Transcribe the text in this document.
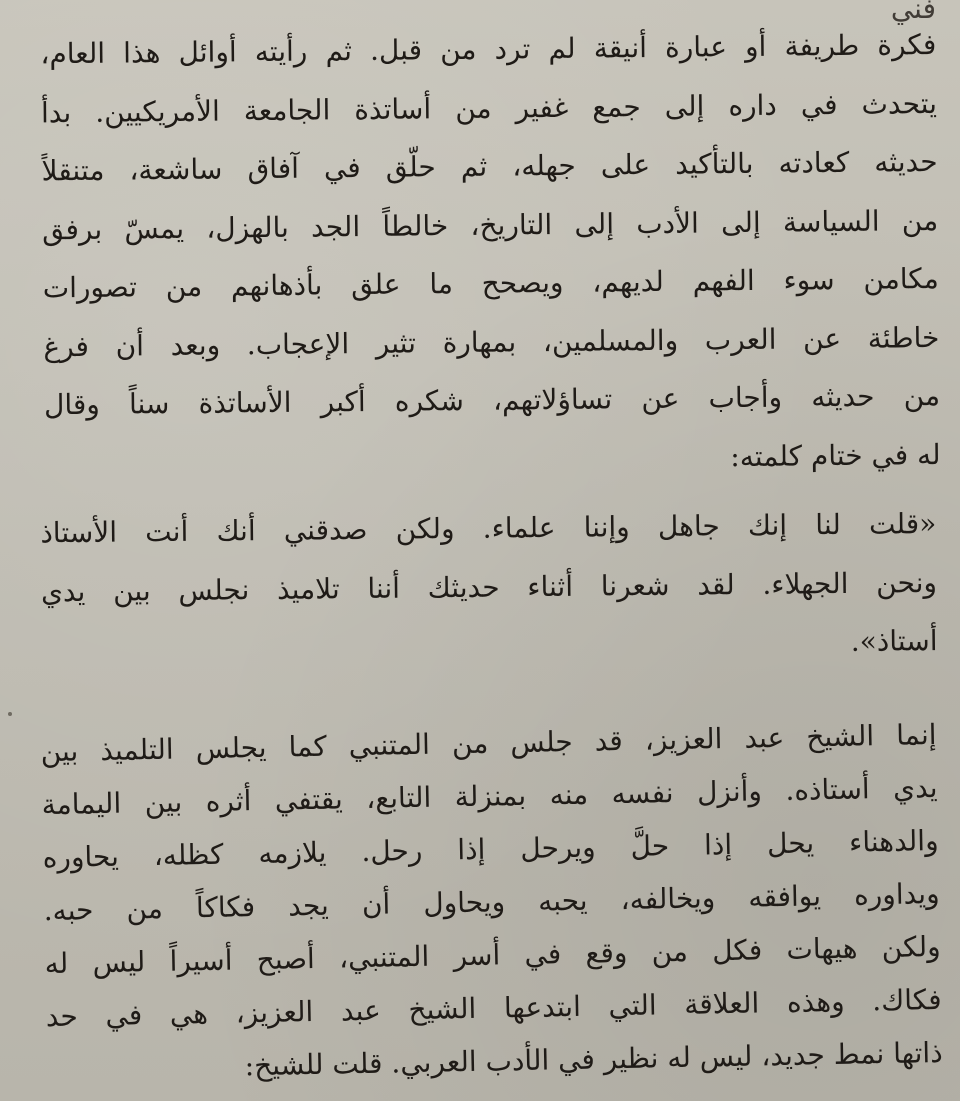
فني
فكرة طريفة أو عبارة أنيقة لم ترد من قبل. ثم رأيته أوائل هذا العام،
يتحدث في داره إلى جمع غفير من أساتذة الجامعة الأمريكيين. بدأ
حديثه كعادته بالتأكيد على جهله، ثم حلّق في آفاق ساشعة، متنقلاً
من السياسة إلى الأدب إلى التاريخ، خالطاً الجد بالهزل، يمسّ برفق
مكامن سوء الفهم لديهم، ويصحح ما علق بأذهانهم من تصورات
خاطئة عن العرب والمسلمين، بمهارة تثير الإعجاب. وبعد أن فرغ
من حديثه وأجاب عن تساؤلاتهم، شكره أكبر الأساتذة سناً وقال
له في ختام كلمته:
«قلت لنا إنك جاهل وإننا علماء. ولكن صدقني أنك أنت الأستاذ
ونحن الجهلاء. لقد شعرنا أثناء حديثك أننا تلاميذ نجلس بين يدي
أستاذ».
إنما الشيخ عبد العزيز، قد جلس من المتنبي كما يجلس التلميذ بين
يدي أستاذه. وأنزل نفسه منه بمنزلة التابع، يقتفي أثره بين اليمامة
والدهناء يحل إذا حلَّ ويرحل إذا رحل. يلازمه كظله، يحاوره
ويداوره يوافقه ويخالفه، يحبه ويحاول أن يجد فكاكاً من حبه.
ولكن هيهات فكل من وقع في أسر المتنبي، أصبح أسيراً ليس له
فكاك. وهذه العلاقة التي ابتدعها الشيخ عبد العزيز، هي في حد
ذاتها نمط جديد، ليس له نظير في الأدب العربي. قلت للشيخ:
